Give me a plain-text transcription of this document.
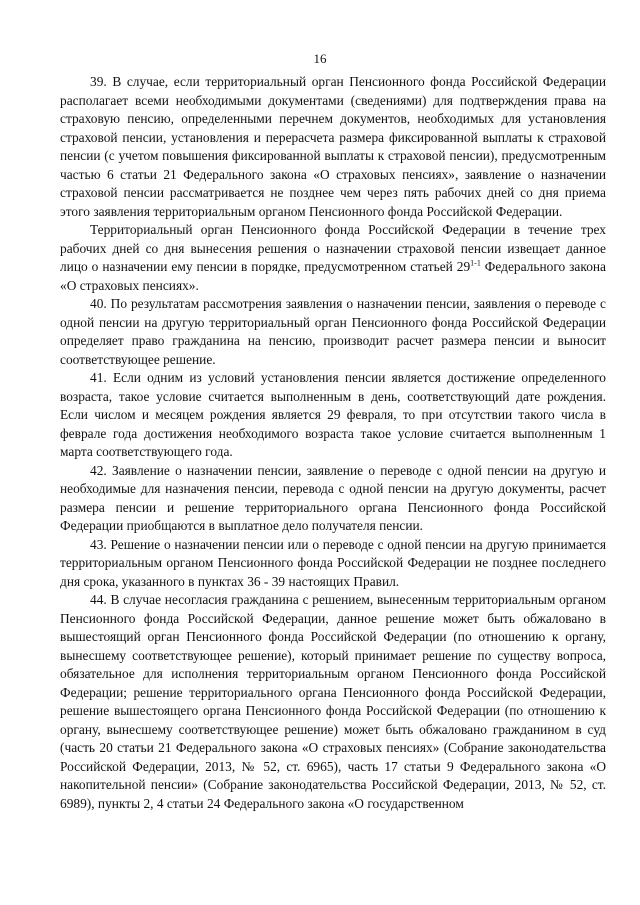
16

39. В случае, если территориальный орган Пенсионного фонда Российской Федерации располагает всеми необходимыми документами (сведениями) для подтверждения права на страховую пенсию, определенными перечнем документов, необходимых для установления страховой пенсии, установления и перерасчета размера фиксированной выплаты к страховой пенсии (с учетом повышения фиксированной выплаты к страховой пенсии), предусмотренным частью 6 статьи 21 Федерального закона «О страховых пенсиях», заявление о назначении страховой пенсии рассматривается не позднее чем через пять рабочих дней со дня приема этого заявления территориальным органом Пенсионного фонда Российской Федерации.

Территориальный орган Пенсионного фонда Российской Федерации в течение трех рабочих дней со дня вынесения решения о назначении страховой пенсии извещает данное лицо о назначении ему пенсии в порядке, предусмотренном статьей 29$^{1-1}$ Федерального закона «О страховых пенсиях».

40. По результатам рассмотрения заявления о назначении пенсии, заявления о переводе с одной пенсии на другую территориальный орган Пенсионного фонда Российской Федерации определяет право гражданина на пенсию, производит расчет размера пенсии и выносит соответствующее решение.

41. Если одним из условий установления пенсии является достижение определенного возраста, такое условие считается выполненным в день, соответствующий дате рождения. Если числом и месяцем рождения является 29 февраля, то при отсутствии такого числа в феврале года достижения необходимого возраста такое условие считается выполненным 1 марта соответствующего года.

42. Заявление о назначении пенсии, заявление о переводе с одной пенсии на другую и необходимые для назначения пенсии, перевода с одной пенсии на другую документы, расчет размера пенсии и решение территориального органа Пенсионного фонда Российской Федерации приобщаются в выплатное дело получателя пенсии.

43. Решение о назначении пенсии или о переводе с одной пенсии на другую принимается территориальным органом Пенсионного фонда Российской Федерации не позднее последнего дня срока, указанного в пунктах 36 - 39 настоящих Правил.

44. В случае несогласия гражданина с решением, вынесенным территориальным органом Пенсионного фонда Российской Федерации, данное решение может быть обжаловано в вышестоящий орган Пенсионного фонда Российской Федерации (по отношению к органу, вынесшему соответствующее решение), который принимает решение по существу вопроса, обязательное для исполнения территориальным органом Пенсионного фонда Российской Федерации; решение территориального органа Пенсионного фонда Российской Федерации, решение вышестоящего органа Пенсионного фонда Российской Федерации (по отношению к органу, вынесшему соответствующее решение) может быть обжаловано гражданином в суд (часть 20 статьи 21 Федерального закона «О страховых пенсиях» (Собрание законодательства Российской Федерации, 2013, № 52, ст. 6965), часть 17 статьи 9 Федерального закона «О накопительной пенсии» (Собрание законодательства Российской Федерации, 2013, № 52, ст. 6989), пункты 2, 4 статьи 24 Федерального закона «О государственном
